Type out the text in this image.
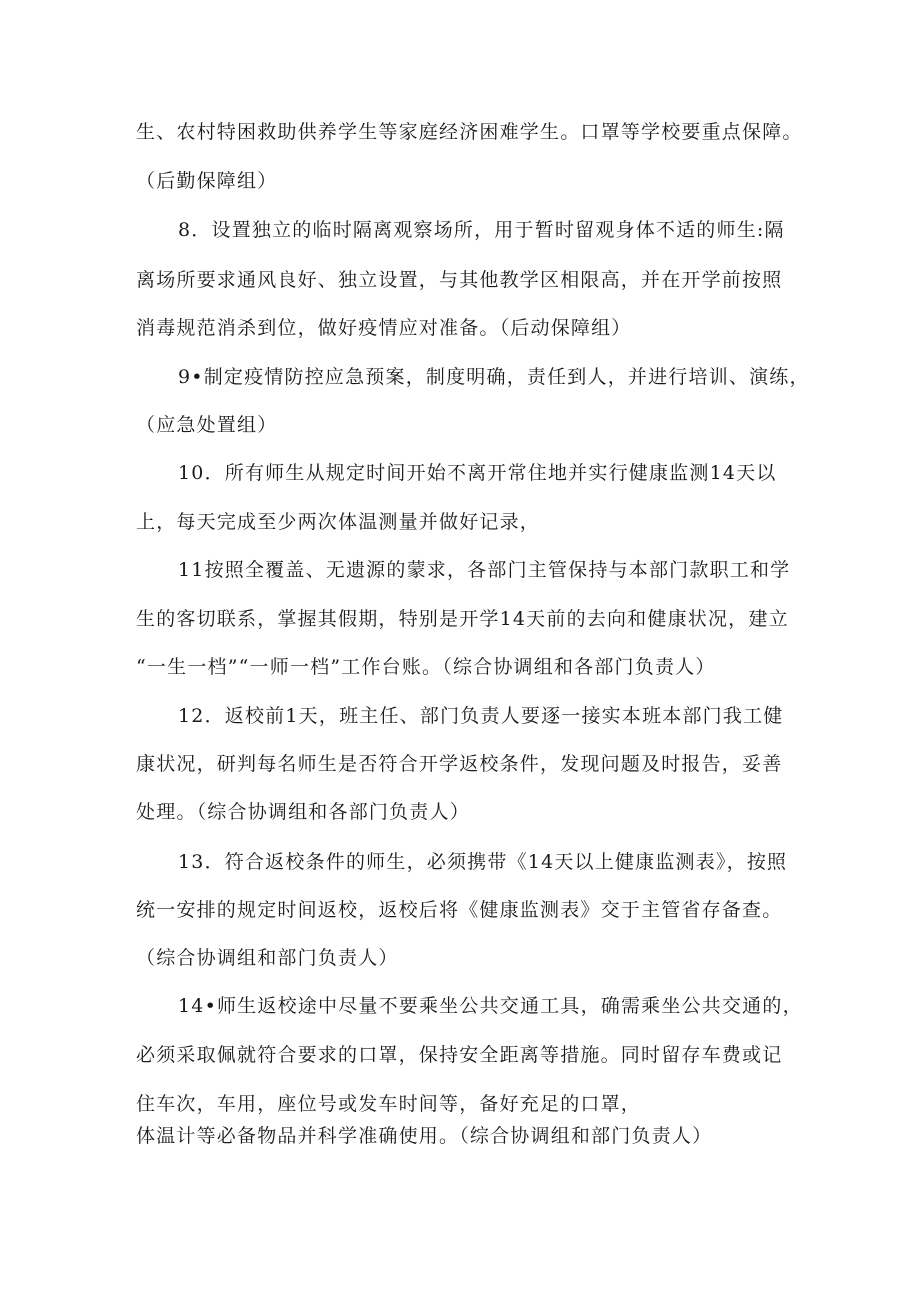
生、农村特困救助供养学生等家庭经济困难学生。口罩等学校要重点保障。
（后勤保障组）
8．设置独立的临时隔离观察场所，用于暂时留观身体不适的师生:隔
离场所要求通风良好、独立设置，与其他教学区相限高，并在开学前按照
消毒规范消杀到位，做好疫情应对准备。（后动保障组）
9•制定疫情防控应急预案，制度明确，责任到人，并进行培训、演练，
（应急处置组）
10．所有师生从规定时间开始不离开常住地并实行健康监测14天以
上，每天完成至少两次体温测量并做好记录，
11按照全覆盖、无遗源的蒙求，各部门主管保持与本部门款职工和学
生的客切联系，掌握其假期，特别是开学14天前的去向和健康状况，建立
“一生一档”“一师一档”工作台账。（综合协调组和各部门负责人）
12．返校前1天，班主任、部门负责人要逐一接实本班本部门我工健
康状况，研判每名师生是否符合开学返校条件，发现问题及时报告，妥善
处理。（综合协调组和各部门负责人）
13．符合返校条件的师生，必须携带《14天以上健康监测表》，按照
统一安排的规定时间返校，返校后将《健康监测表》交于主管省存备查。
（综合协调组和部门负责人）
14•师生返校途中尽量不要乘坐公共交通工具，确需乘坐公共交通的，
必须采取佩就符合要求的口罩，保持安全距离等措施。同时留存车费或记
住车次，车用，座位号或发车时间等，备好充足的口罩，
体温计等必备物品并科学准确使用。（综合协调组和部门负责人）
